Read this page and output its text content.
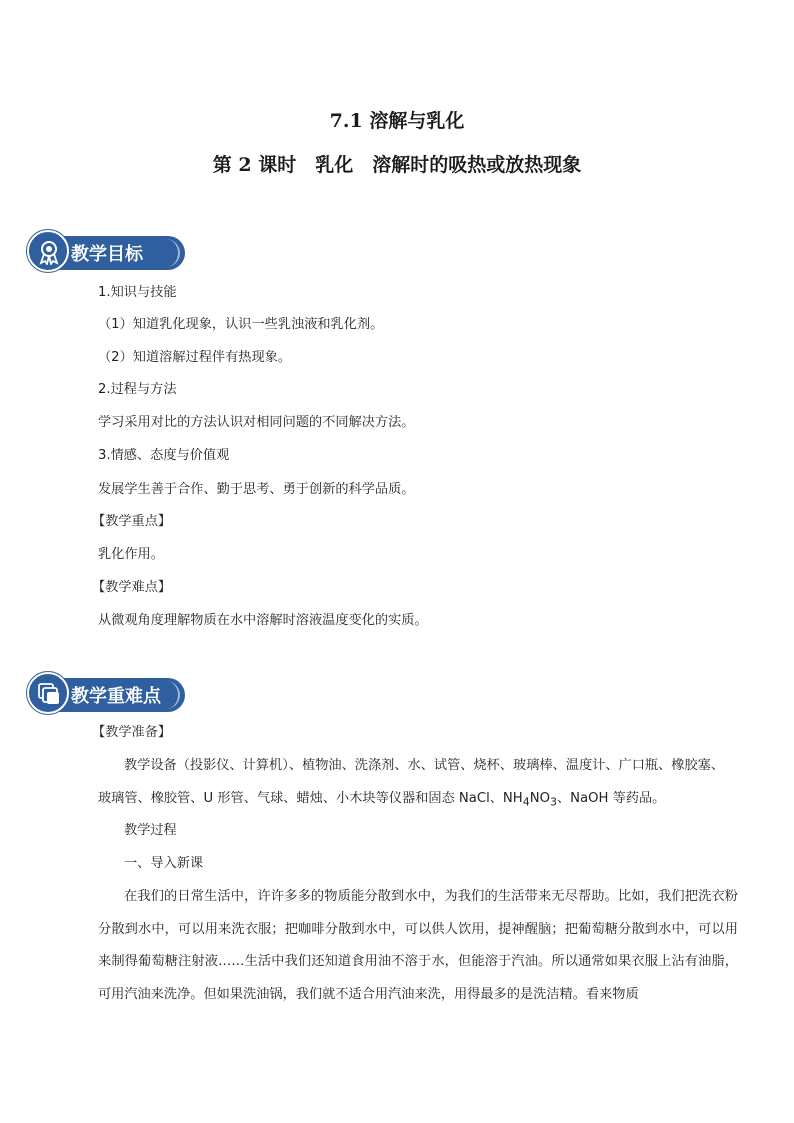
7.1 溶解与乳化
第 2 课时　乳化　溶解时的吸热或放热现象
教学目标
1.知识与技能
（1）知道乳化现象，认识一些乳浊液和乳化剂。
（2）知道溶解过程伴有热现象。
2.过程与方法
学习采用对比的方法认识对相同问题的不同解决方法。
3.情感、态度与价值观
发展学生善于合作、勤于思考、勇于创新的科学品质。
【教学重点】
乳化作用。
【教学难点】
从微观角度理解物质在水中溶解时溶液温度变化的实质。
教学重难点
【教学准备】
教学设备（投影仪、计算机）、植物油、洗涤剂、水、试管、烧杯、玻璃棒、温度计、广口瓶、橡胶塞、
玻璃管、橡胶管、U 形管、气球、蜡烛、小木块等仪器和固态 NaCl、$NH_4NO_3$、NaOH 等药品。
教学过程
一、导入新课
在我们的日常生活中，许许多多的物质能分散到水中，为我们的生活带来无尽帮助。比如，我们把洗衣粉分散到水中，可以用来洗衣服；把咖啡分散到水中，可以供人饮用，提神醒脑；把葡萄糖分散到水中，可以用来制得葡萄糖注射液……生活中我们还知道食用油不溶于水，但能溶于汽油。所以通常如果衣服上沾有油脂，可用汽油来洗净。但如果洗油锅，我们就不适合用汽油来洗，用得最多的是洗洁精。看来物质
